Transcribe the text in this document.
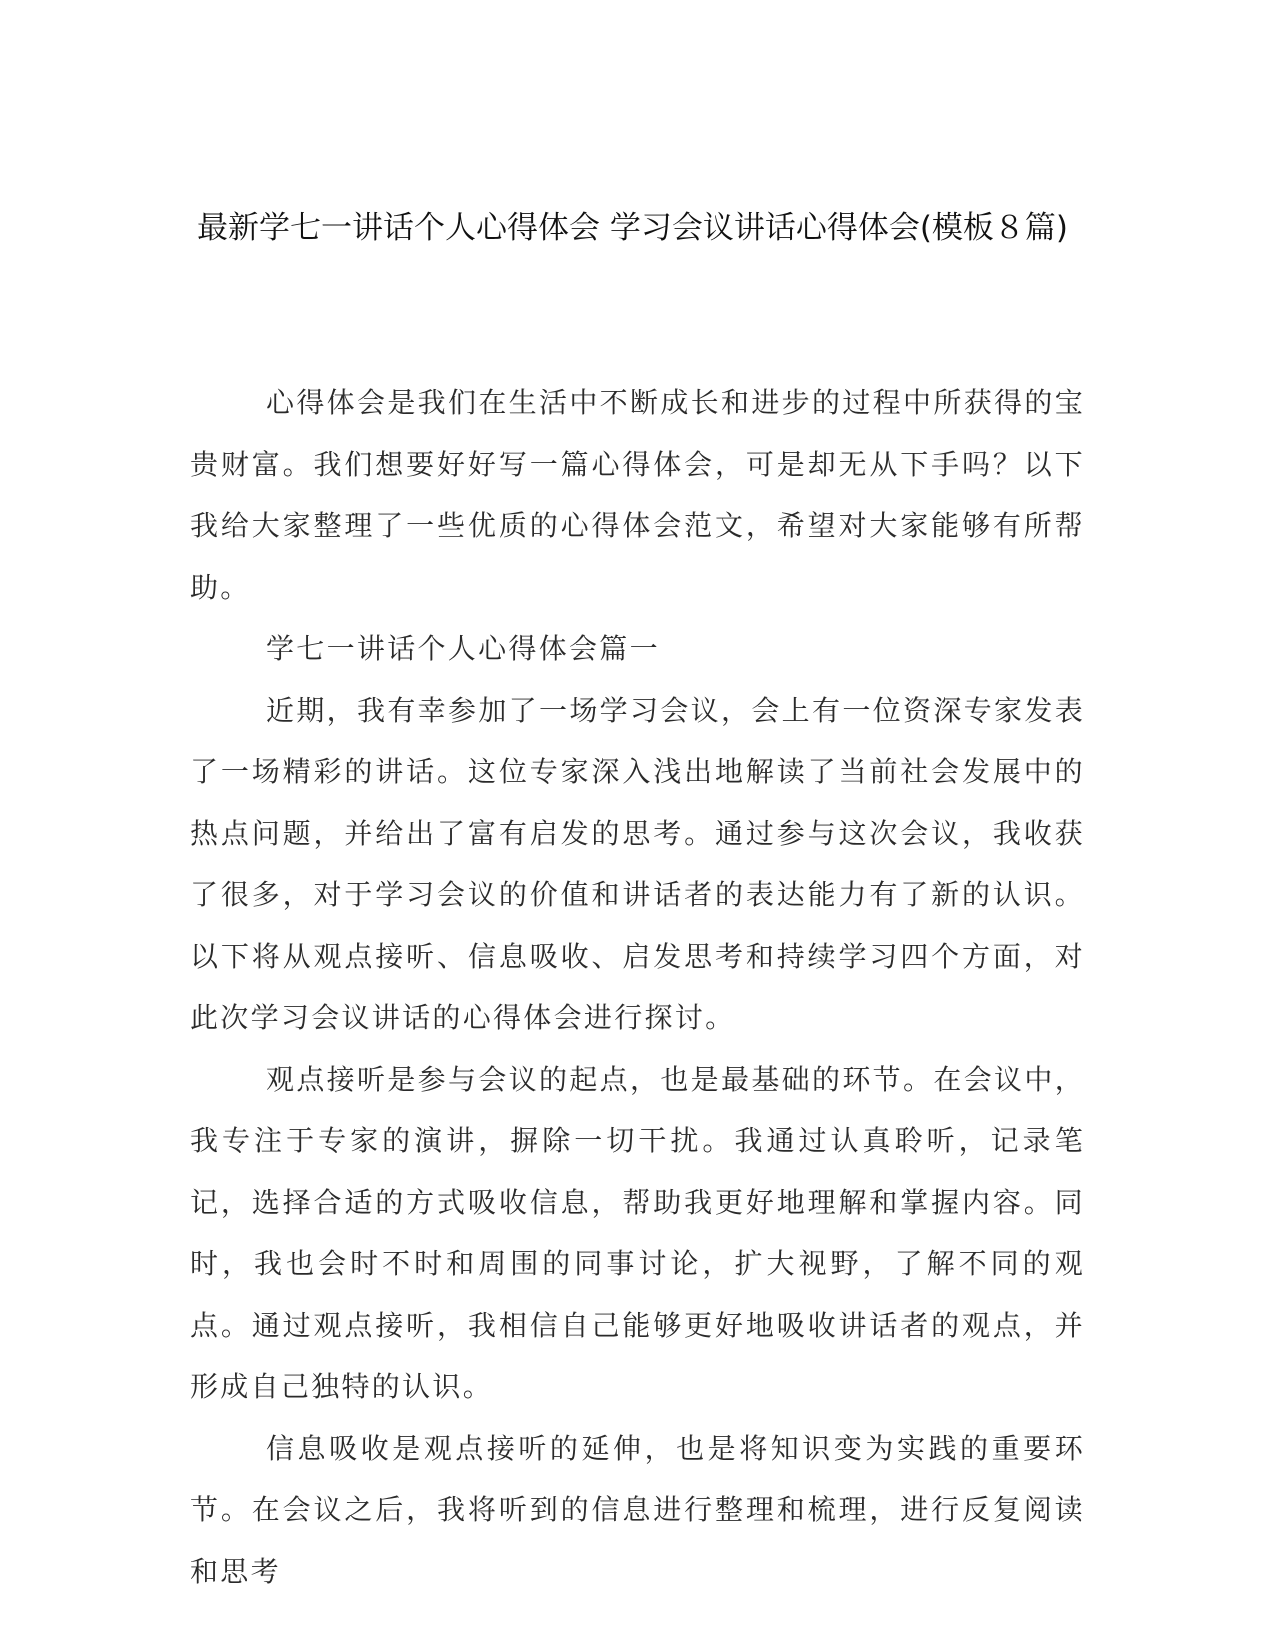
最新学七一讲话个人心得体会 学习会议讲话心得体会(模板８篇)

心得体会是我们在生活中不断成长和进步的过程中所获得的宝贵财富。我们想要好好写一篇心得体会，可是却无从下手吗？以下我给大家整理了一些优质的心得体会范文，希望对大家能够有所帮助。

学七一讲话个人心得体会篇一

近期，我有幸参加了一场学习会议，会上有一位资深专家发表了一场精彩的讲话。这位专家深入浅出地解读了当前社会发展中的热点问题，并给出了富有启发的思考。通过参与这次会议，我收获了很多，对于学习会议的价值和讲话者的表达能力有了新的认识。以下将从观点接听、信息吸收、启发思考和持续学习四个方面，对此次学习会议讲话的心得体会进行探讨。

观点接听是参与会议的起点，也是最基础的环节。在会议中，我专注于专家的演讲，摒除一切干扰。我通过认真聆听，记录笔记，选择合适的方式吸收信息，帮助我更好地理解和掌握内容。同时，我也会时不时和周围的同事讨论，扩大视野，了解不同的观点。通过观点接听，我相信自己能够更好地吸收讲话者的观点，并形成自己独特的认识。

信息吸收是观点接听的延伸，也是将知识变为实践的重要环节。在会议之后，我将听到的信息进行整理和梳理，进行反复阅读和思考
